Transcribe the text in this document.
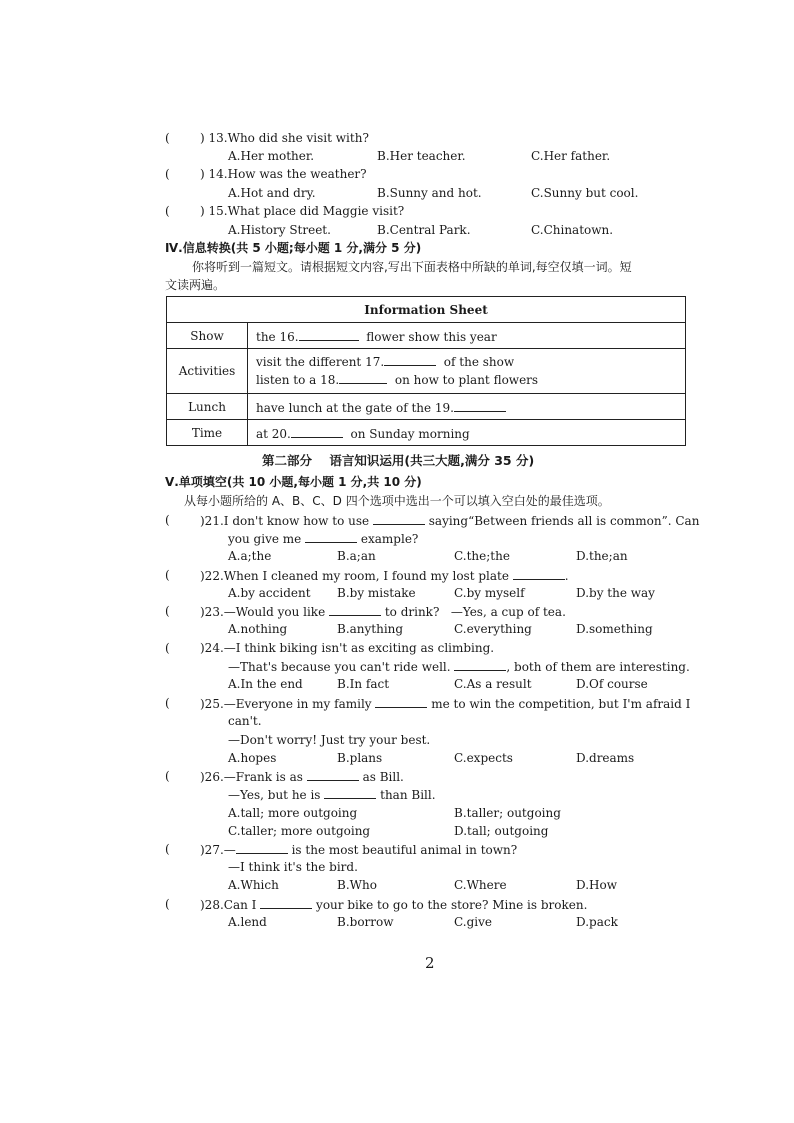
(	) 13.Who did she visit with?
A.Her mother.	B.Her teacher.	C.Her father.
(	) 14.How was the weather?
A.Hot and dry.	B.Sunny and hot.	C.Sunny but cool.
(	) 15.What place did Maggie visit?
A.History Street.	B.Central Park.	C.Chinatown.
Ⅳ.信息转换(共 5 小题;每小题 1 分,满分 5 分)
你将听到一篇短文。请根据短文内容,写出下面表格中所缺的单词,每空仅填一词。短
文读两遍。
Information Sheet	
Show	the 16. flower show this year
Activities	visit the different 17. of the show
listen to a 18. on how to plant flowers
Lunch	have lunch at the gate of the 19.
Time	at 20. on Sunday morning
第二部分    语言知识运用(共三大题,满分 35 分)
Ⅴ.单项填空(共 10 小题,每小题 1 分,共 10 分)
从每小题所给的 A、B、C、D 四个选项中选出一个可以填入空白处的最佳选项。
(	)21.I don't know how to use	saying“Between friends all is common”. Can
you give me	example?
A.a;the	B.a;an	C.the;the	D.the;an
(	)22.When I cleaned my room, I found my lost plate	.
A.by accident B.by mistake	C.by myself	D.by the way
(	)23.—Would you like	to drink?   —Yes, a cup of tea.
A.nothing	B.anything	C.everything	D.something
(	)24.—I think biking isn't as exciting as climbing.
—That's because you can't ride well.	, both of them are interesting.
A.In the end	B.In fact	C.As a result	D.Of course
(	)25.—Everyone in my family	me to win the competition, but I'm afraid I
can't.
—Don't worry! Just try your best.
A.hopes	B.plans	C.expects	D.dreams
(	)26.—Frank is as	as Bill.
—Yes, but he is	than Bill.
A.tall; more outgoing	B.taller; outgoing
C.taller; more outgoing	D.tall; outgoing
(	)27.—	is the most beautiful animal in town?
—I think it's the bird.
A.Which	B.Who	C.Where	D.How
(	)28.Can I	your bike to go to the store? Mine is broken.
A.lend	B.borrow	C.give	D.pack
2
